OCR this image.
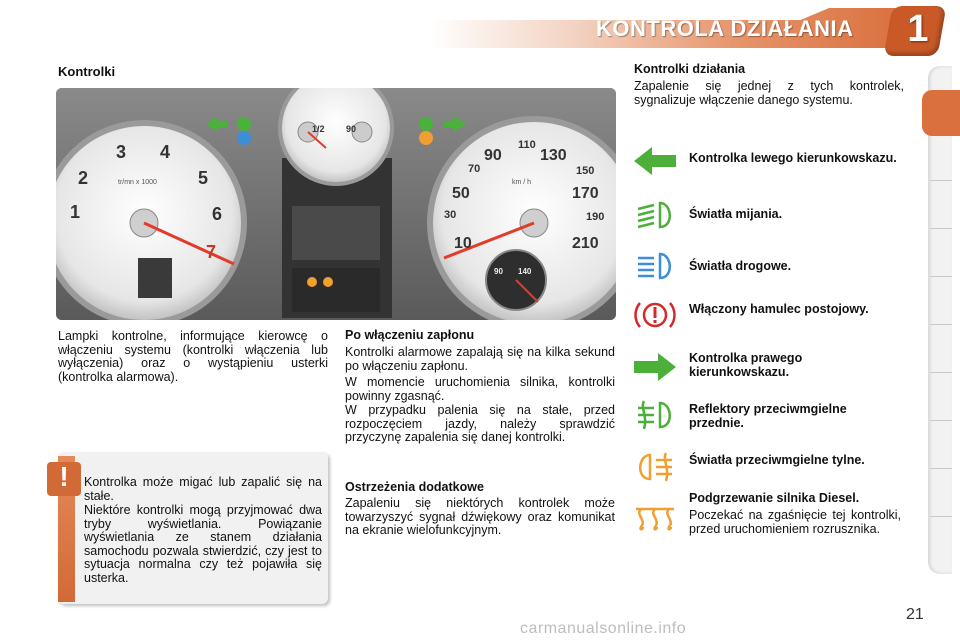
KONTROLA DZIAŁANIA 1
Kontrolki
1
2
3 4
5
6
7
tr/mn x 1000
1/2 90
10
30
50
70
90
110
130
150
170
190
210
km / h
90 140
Lampki kontrolne, informujące kierowcę o włączeniu systemu (kontrolki włączenia lub wyłączenia) oraz o wystąpieniu usterki (kontrolka alarmowa).
Po włączeniu zapłonu
Kontrolki alarmowe zapalają się na kilka sekund po włączeniu zapłonu.
W momencie uruchomienia silnika, kontrolki powinny zgasnąć.
W przypadku palenia się na stałe, przed rozpoczęciem jazdy, należy sprawdzić przyczynę zapalenia się danej kontrolki.
Ostrzeżenia dodatkowe
Zapaleniu się niektórych kontrolek może towarzyszyć sygnał dźwiękowy oraz komunikat na ekranie wielofunkcyjnym.
!	Kontrolka może migać lub zapalić się na stałe.
Niektóre kontrolki mogą przyjmować dwa tryby wyświetlania. Powiązanie wyświetlania ze stanem działania samochodu pozwala stwierdzić, czy jest to sytuacja normalna czy też pojawiła się usterka.
Kontrolki działania
Zapalenie się jednej z tych kontrolek, sygnalizuje włączenie danego systemu.
Kontrolka lewego kierunkowskazu.
Światła mijania.
Światła drogowe.
Włączony hamulec postojowy.
Kontrolka prawego kierunkowskazu.
Reflektory przeciwmgielne przednie.
Światła przeciwmgielne tylne.
Podgrzewanie silnika Diesel.
Poczekać na zgaśnięcie tej kontrolki, przed uruchomieniem rozrusznika.
carmanualsonline.info
21
